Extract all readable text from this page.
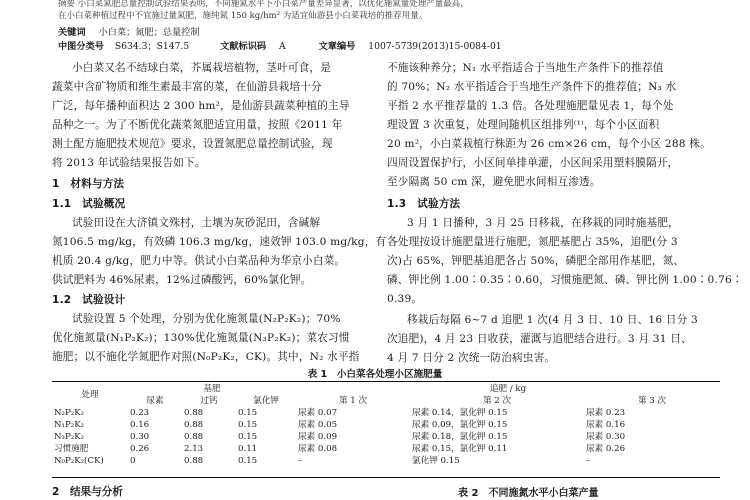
摘要 小白菜氮肥总量控制试验结果表明，不同施氮水平下小白菜产量差异显著，以优化施氮量处理产量最高，
在小白菜种植过程中不宜施过量氮肥，施纯氮 150 kg/hm² 为适宜仙游县小白菜栽培的推荐用量。
关键词 小白菜；氮肥；总量控制
中图分类号 S634.3；S147.5	文献标识码 A	文章编号 1007-5739(2013)15-0084-01
小白菜又名不结球白菜，芥属栽培植物，茎叶可食，是
蔬菜中含矿物质和维生素最丰富的菜，在仙游县栽培十分
广泛，每年播种面积达 2 300 hm²，是仙游县蔬菜种植的主导
品种之一。为了不断优化蔬菜氮肥适宜用量，按照《2011 年
测土配方施肥技术规范》要求，设置氮肥总量控制试验，现
将 2013 年试验结果报告如下。
1　材料与方法
1.1　试验概况
试验田设在大济镇文殊村，土壤为灰砂泥田，含碱解
氮106.5 mg/kg，有效磷 106.3 mg/kg，速效钾 103.0 mg/kg，有
机质 20.4 g/kg，肥力中等。供试小白菜品种为华京小白菜。
供试肥料为 46%尿素，12%过磷酸钙，60%氯化钾。
1.2　试验设计
试验设置 5 个处理，分别为优化施氮量(N₂P₂K₂)；70%
优化施氮量(N₁P₂K₂)；130%优化施氮量(N₃P₂K₂)；菜农习惯
施肥；以不施化学氮肥作对照(N₀P₂K₂，CK)。其中，N₂ 水平指
不施该种养分；N₁ 水平指适合于当地生产条件下的推荐值
的 70%；N₂ 水平指适合于当地生产条件下的推荐值；N₃ 水
平指 2 水平推荐量的 1.3 倍。各处理施肥量见表 1，每个处
理设置 3 次重复，处理间随机区组排列⁽¹⁾，每个小区面积
20 m²，小白菜栽植行株距为 26 cm×26 cm，每个小区 288 株。
四周设置保护行，小区间单排单灌，小区间采用塑料膜隔开，
至少隔离 50 cm 深，避免肥水间相互渗透。
1.3　试验方法
3 月 1 日播种，3 月 25 日移栽，在移栽的同时施基肥，
各处理按设计施肥量进行施肥，氮肥基肥占 35%，追肥(分 3
次)占 65%，钾肥基追肥各占 50%，磷肥全部用作基肥，氮、
磷、钾比例 1.00∶0.35∶0.60，习惯施肥氮、磷、钾比例 1.00∶0.76∶
0.39。
移栽后每隔 6~7 d 追肥 1 次(4 月 3 日、10 日、16 日分 3
次追肥)，4 月 23 日收获，灌溉与追肥结合进行。3 月 31 日、
4 月 7 日分 2 次统一防治病虫害。
表 1　小白菜各处理小区施肥量
处理	基肥			追肥 / kg		
	尿素	过钙	氯化钾	第 1 次	第 2 次	第 3 次
N₂P₂K₂	0.23	0.88	0.15	尿素 0.07	尿素 0.14，氯化钾 0.15	尿素 0.23
N₁P₂K₂	0.16	0.88	0.15	尿素 0.05	尿素 0.09，氯化钾 0.15	尿素 0.16
N₃P₂K₂	0.30	0.88	0.15	尿素 0.09	尿素 0.18，氯化钾 0.15	尿素 0.30
习惯施肥	0.26	2.13	0.11	尿素 0.08	尿素 0.15，氯化钾 0.11	尿素 0.26
N₀P₂K₂(CK)	0	0.88	0.15	–	氯化钾 0.15	–
2　结果与分析	表 2　不同施氮水平小白菜产量
